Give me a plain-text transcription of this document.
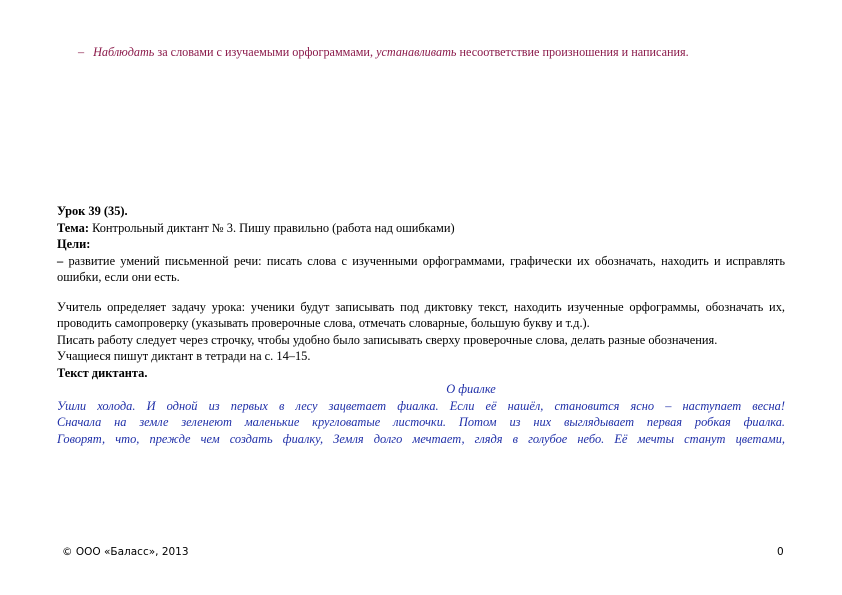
– Наблюдать за словами с изучаемыми орфограммами, устанавливать несоответствие произношения и написания.

Урок 39 (35).

Тема: Контрольный диктант № 3. Пишу правильно (работа над ошибками)

Цели:

– развитие умений письменной речи: писать слова с изученными орфограммами, графически их обозначать, находить и исправлять ошибки, если они есть.

Учитель определяет задачу урока: ученики будут записывать под диктовку текст, находить изученные орфограммы, обозначать их, проводить самопроверку (указывать проверочные слова, отмечать словарные, большую букву и т.д.).

Писать работу следует через строчку, чтобы удобно было записывать сверху проверочные слова, делать разные обозначения.

Учащиеся пишут диктант в тетради на с. 14–15.

Текст диктанта.

О фиалке

Ушли холода. И одной из первых в лесу зацветает фиалка. Если её нашёл, становится ясно – наступает весна!

Сначала на земле зеленеют маленькие кругловатые листочки. Потом из них выглядывает первая робкая фиалка.

Говорят, что, прежде чем создать фиалку, Земля долго мечтает, глядя в голубое небо. Её мечты станут цветами,

© ООО «Баласс», 2013	0
